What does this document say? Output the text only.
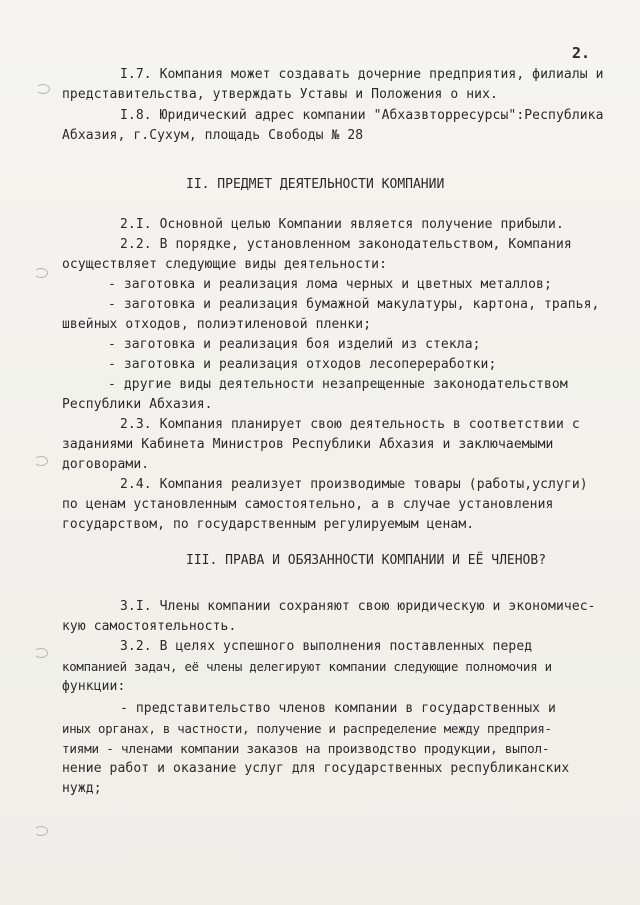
2.
I.7. Компания может создавать дочерние предприятия, филиалы и
представительства, утверждать Уставы и Положения о них.
I.8. Юридический адрес компании "Абхазвторресурсы":Республика
Абхазия, г.Сухум, площадь Свободы № 28
II. ПРЕДМЕТ ДЕЯТЕЛЬНОСТИ КОМПАНИИ
2.I. Основной целью Компании является получение прибыли.
2.2. В порядке, установленном законодательством, Компания
осуществляет следующие виды деятельности:
- заготовка и реализация лома черных и цветных металлов;
- заготовка и реализация бумажной макулатуры, картона, трапья,
швейных отходов, полиэтиленовой пленки;
- заготовка и реализация боя изделий из стекла;
- заготовка и реализация отходов лесопереработки;
- другие виды деятельности незапрещенные законодательством
Республики Абхазия.
2.3. Компания планирует свою деятельность в соответствии с
заданиями Кабинета Министров Республики Абхазия и заключаемыми
договорами.
2.4. Компания реализует производимые товары (работы,услуги)
по ценам установленным самостоятельно, а в случае установления
государством, по государственным регулируемым ценам.
III. ПРАВА И ОБЯЗАННОСТИ КОМПАНИИ И ЕЁ ЧЛЕНОВ?
3.I. Члены компании сохраняют свою юридическую и экономичес-
кую самостоятельность.
3.2. В целях успешного выполнения поставленных перед
компанией задач, её члены делегируют компании следующие полномочия и
функции:
- представительство членов компании в государственных и
иных органах, в частности, получение и распределение между предприя-
тиями - членами компании заказов на производство продукции, выпол-
нение работ и оказание услуг для государственных республиканских
нужд;
